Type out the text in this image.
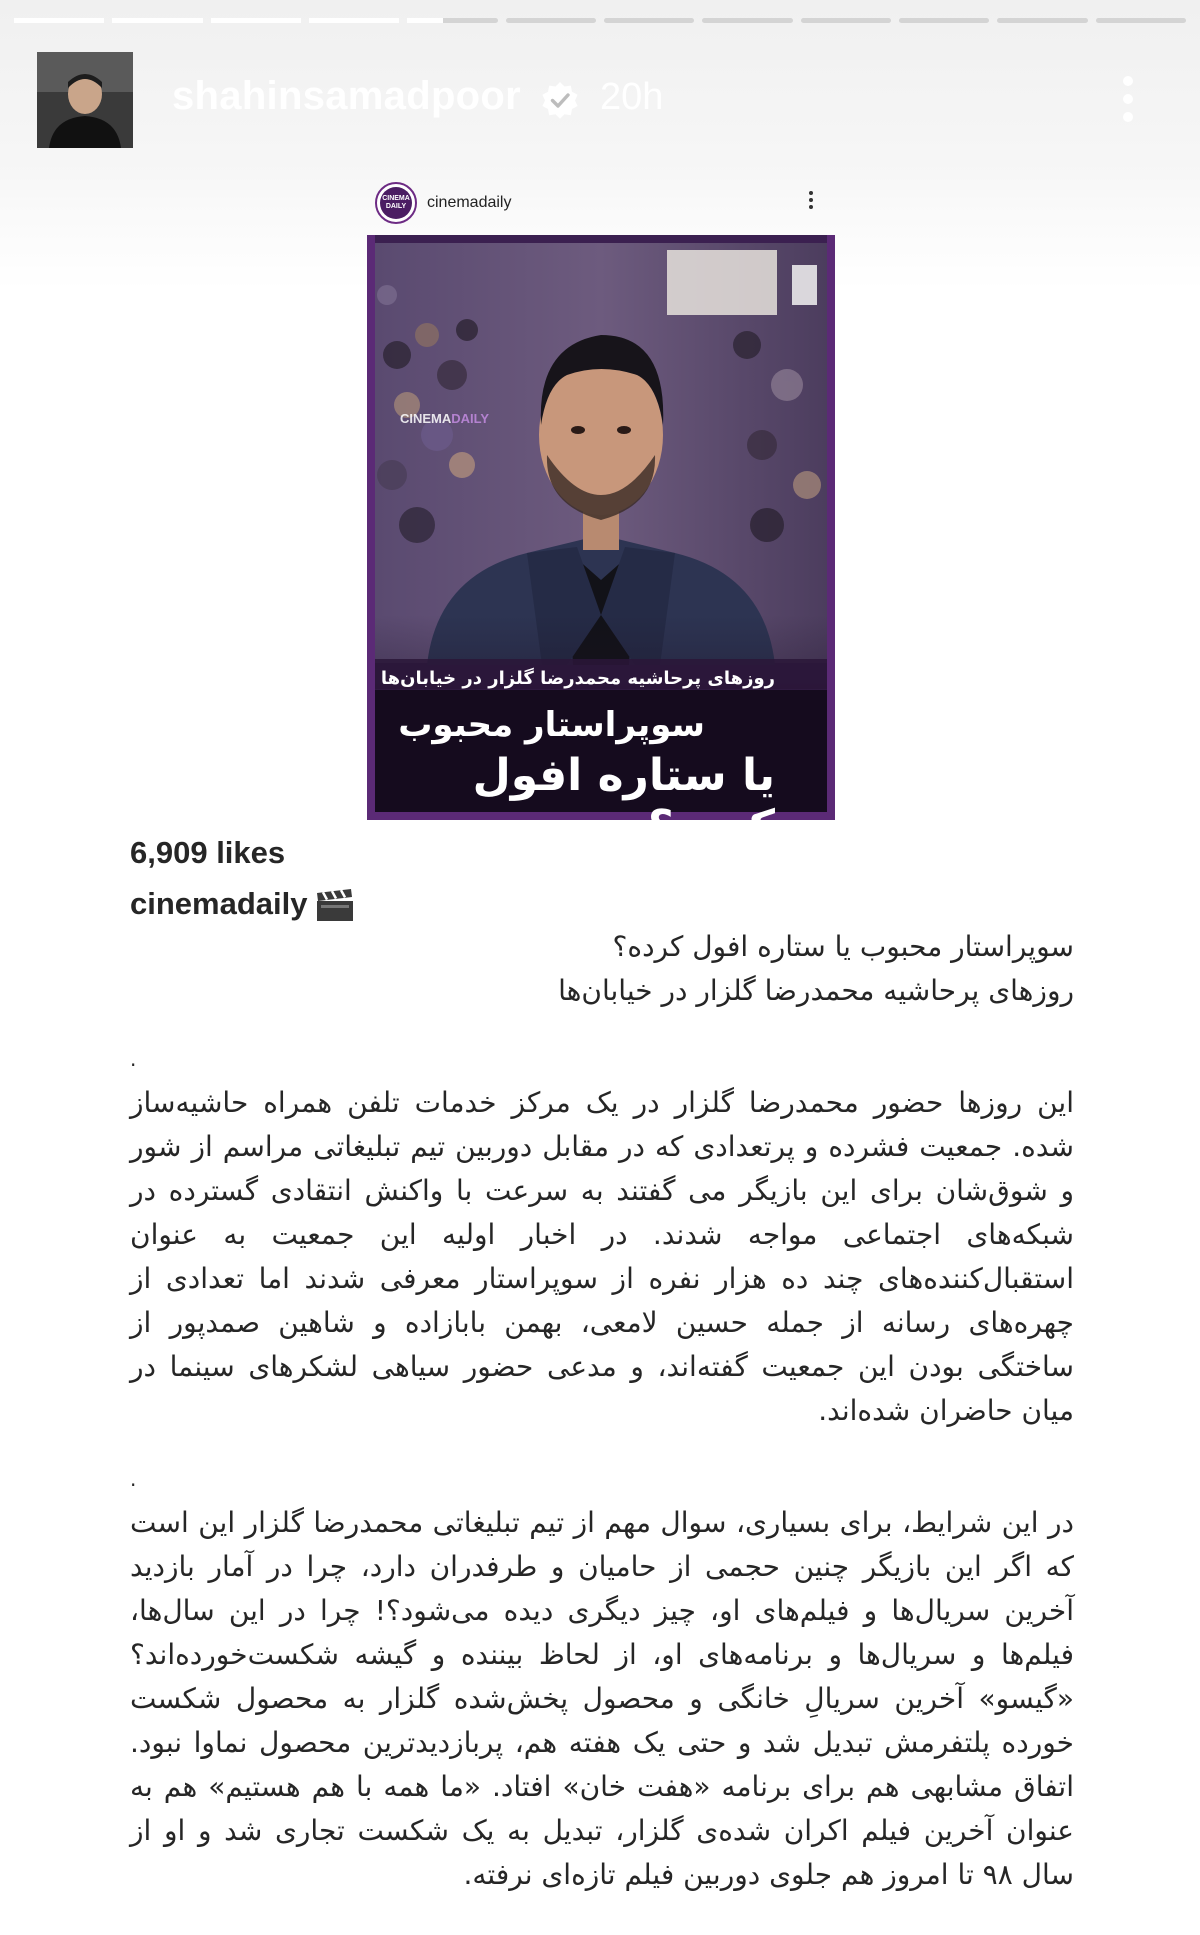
shahinsamadpoor 20h
CINEMA DAILY	cinemadaily
CINEMADAILY
روزهای پرحاشیه محمدرضا گلزار در خیابان‌ها
سوپراستار محبوب
یا ستاره افول کرده؟
6,909 likes
cinemadaily

سوپراستار محبوب یا ستاره افول کرده؟

روزهای پرحاشیه محمدرضا گلزار در خیابان‌ها

.

این روزها حضور محمدرضا گلزار در یک مرکز خدمات تلفن همراه حاشیه‌ساز شده. جمعیت فشرده و پرتعدادی که در مقابل دوربین تیم تبلیغاتی مراسم از شور و شوق‌شان برای این بازیگر می گفتند به سرعت با واکنش انتقادی گسترده در شبکه‌های اجتماعی مواجه شدند. در اخبار اولیه این جمعیت به عنوان استقبال‌کننده‌های چند ده هزار نفره از سوپراستار معرفی شدند اما تعدادی از چهره‌های رسانه از جمله حسین لامعی، بهمن بابازاده و شاهین صمدپور از ساختگی بودن این جمعیت گفته‌اند، و مدعی حضور سیاهی لشکرهای سینما در میان حاضران شده‌اند.

.

در این شرایط، برای بسیاری، سوال مهم از تیم تبلیغاتی محمدرضا گلزار این است که اگر این بازیگر چنین حجمی از حامیان و طرفدران دارد، چرا در آمار بازدید آخرین سریال‌ها و فیلم‌های او، چیز دیگری دیده می‌شود؟! چرا در این سال‌ها، فیلم‌ها و سریال‌ها و برنامه‌های او، از لحاظ بیننده و گیشه شکست‌خورده‌اند؟ «گیسو» آخرین سریالِ خانگی و محصول پخش‌شده گلزار به محصول شکست خورده پلتفرمش تبدیل شد و حتی یک هفته هم، پربازدیدترین محصول نماوا نبود. اتفاق مشابهی هم برای برنامه «هفت خان» افتاد. «ما همه با هم هستیم» هم به عنوان آخرین فیلم اکران شده‌ی گلزار، تبدیل به یک شکست تجاری شد و او از سال ۹۸ تا امروز هم جلوی دوربین فیلم تازه‌ای نرفته.
